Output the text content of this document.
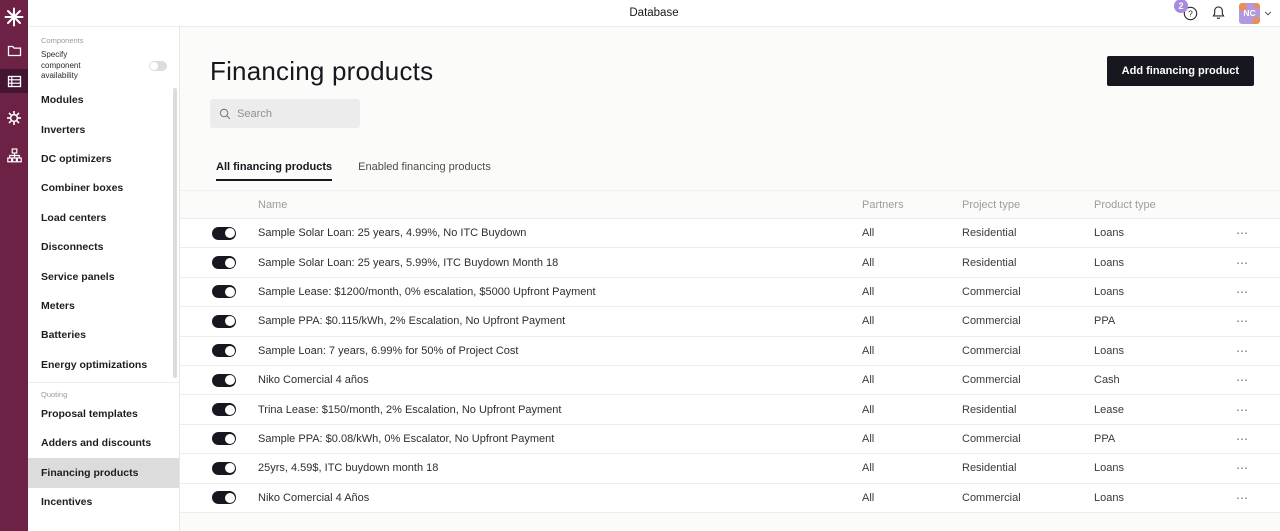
Database
2
?	NC
Components
Specify component availability
Modules
Inverters
DC optimizers
Combiner boxes
Load centers
Disconnects
Service panels
Meters
Batteries
Energy optimizations
Quoting
Proposal templates
Adders and discounts
Financing products
Incentives
Financing products	Add financing product
Search
All financing products Enabled financing products
Name	Partners	Project type	Product type
Sample Solar Loan: 25 years, 4.99%, No ITC Buydown	All	Residential	Loans	⋯
Sample Solar Loan: 25 years, 5.99%, ITC Buydown Month 18	All	Residential	Loans	⋯
Sample Lease: $1200/month, 0% escalation, $5000 Upfront Payment	All	Commercial	Loans	⋯
Sample PPA: $0.115/kWh, 2% Escalation, No Upfront Payment	All	Commercial	PPA	⋯
Sample Loan: 7 years, 6.99% for 50% of Project Cost	All	Commercial	Loans	⋯
Niko Comercial 4 años	All	Commercial	Cash	⋯
Trina Lease: $150/month, 2% Escalation, No Upfront Payment	All	Residential	Lease	⋯
Sample PPA: $0.08/kWh, 0% Escalator, No Upfront Payment	All	Commercial	PPA	⋯
25yrs, 4.59$, ITC buydown month 18	All	Residential	Loans	⋯
Niko Comercial 4 Años	All	Commercial	Loans	⋯
